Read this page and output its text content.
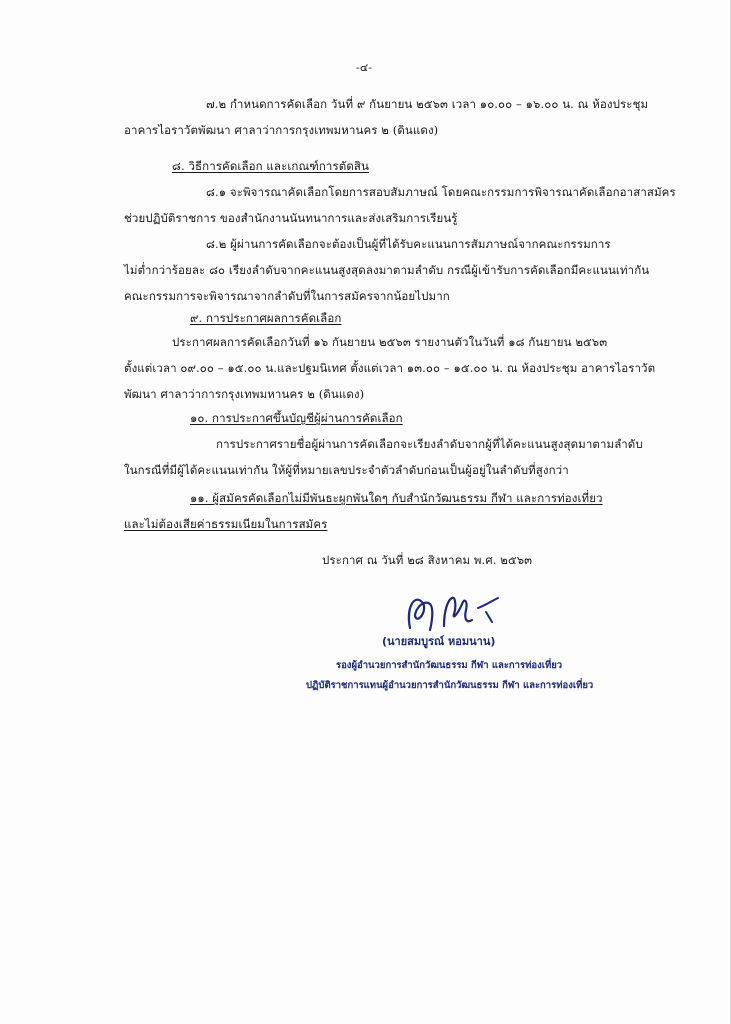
-๔-
๗.๒ กำหนดการคัดเลือก วันที่ ๙ กันยายน ๒๕๖๓ เวลา ๑๐.๐๐ – ๑๖.๐๐ น. ณ ห้องประชุม
อาคารไอราวัตพัฒนา ศาลาว่าการกรุงเทพมหานคร ๒ (ดินแดง)
๘. วิธีการคัดเลือก และเกณฑ์การตัดสิน
๘.๑ จะพิจารณาคัดเลือกโดยการสอบสัมภาษณ์ โดยคณะกรรมการพิจารณาคัดเลือกอาสาสมัคร
ช่วยปฏิบัติราชการ ของสำนักงานนันทนาการและส่งเสริมการเรียนรู้
๘.๒ ผู้ผ่านการคัดเลือกจะต้องเป็นผู้ที่ได้รับคะแนนการสัมภาษณ์จากคณะกรรมการ
ไม่ต่ำกว่าร้อยละ ๘๐ เรียงลำดับจากคะแนนสูงสุดลงมาตามลำดับ กรณีผู้เข้ารับการคัดเลือกมีคะแนนเท่ากัน
คณะกรรมการจะพิจารณาจากลำดับที่ในการสมัครจากน้อยไปมาก
๙. การประกาศผลการคัดเลือก
ประกาศผลการคัดเลือกวันที่ ๑๖ กันยายน ๒๕๖๓ รายงานตัวในวันที่ ๑๘ กันยายน ๒๕๖๓
ตั้งแต่เวลา ๐๙.๐๐ – ๑๕.๐๐ น.และปฐมนิเทศ ตั้งแต่เวลา ๑๓.๐๐ – ๑๕.๐๐ น. ณ ห้องประชุม อาคารไอราวัต
พัฒนา ศาลาว่าการกรุงเทพมหานคร ๒ (ดินแดง)
๑๐. การประกาศขึ้นบัญชีผู้ผ่านการคัดเลือก
การประกาศรายชื่อผู้ผ่านการคัดเลือกจะเรียงลำดับจากผู้ที่ได้คะแนนสูงสุดมาตามลำดับ
ในกรณีที่มีผู้ได้คะแนนเท่ากัน ให้ผู้ที่หมายเลขประจำตัวลำดับก่อนเป็นผู้อยู่ในลำดับที่สูงกว่า
๑๑. ผู้สมัครคัดเลือกไม่มีพันธะผูกพันใดๆ กับสำนักวัฒนธรรม กีฬา และการท่องเที่ยว
และไม่ต้องเสียค่าธรรมเนียมในการสมัคร
ประกาศ ณ วันที่ ๒๘ สิงหาคม พ.ศ. ๒๕๖๓
(นายสมบูรณ์ หอมนาน)
รองผู้อำนวยการสำนักวัฒนธรรม กีฬา และการท่องเที่ยว
ปฏิบัติราชการแทนผู้อำนวยการสำนักวัฒนธรรม กีฬา และการท่องเที่ยว
